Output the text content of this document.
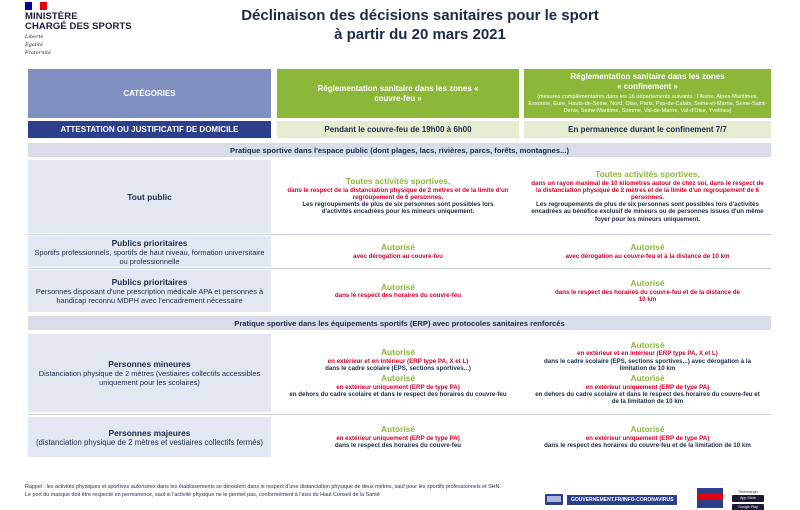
MINISTÈRE
CHARGÉ DES SPORTS
Liberté
Égalité
Fraternité
Déclinaison des décisions sanitaires pour le sport
à partir du 20 mars 2021
CATÉGORIES
Réglementation sanitaire dans les zones « couvre-feu »
Réglementation sanitaire dans les zones
« confinement »
(mesures complémentaires dans les 16 départements suivants : l'Aisne, Alpes-Maritimes, Essonne, Eure, Hauts-de-Seine, Nord, Oise, Paris, Pas-de-Calais, Seine-et-Marne, Seine-Saint-Denis, Seine-Maritime, Somme, Val-de-Marne, Val-d'Oise, Yvelines)
ATTESTATION OU JUSTIFICATIF DE DOMICILE	Pendant le couvre-feu de 19h00 à 6h00	En permanence durant le confinement 7/7
Pratique sportive dans l'espace public (dont plages, lacs, rivières, parcs, forêts, montagnes...)
Tout public
Toutes activités sportives,
dans le respect de la distanciation physique de 2 mètres et de la limite d'un regroupement de 6 personnes.
Les regroupements de plus de six personnes sont possibles lors d'activités encadrées pour les mineurs uniquement.
Toutes activités sportives,
dans un rayon maximal de 10 kilomètres autour de chez soi, dans le respect de la distanciation physique de 2 mètres et de la limite d'un regroupement de 6 personnes.
Les regroupements de plus de six personnes sont possibles lors d'activités encadrées au bénéfice exclusif de mineurs ou de personnes issues d'un même foyer pour les mineurs uniquement.
Publics prioritaires
Sportifs professionnels, sportifs de haut niveau, formation universitaire ou professionnelle
Autorisé
avec dérogation au couvre-feu
Autorisé
avec dérogation au couvre-feu et à la distance de 10 km
Publics prioritaires
Personnes disposant d'une prescription médicale APA et personnes à handicap reconnu MDPH avec l'encadrement nécessaire
Autorisé
dans le respect des horaires du couvre-feu
Autorisé
dans le respect des horaires du couvre-feu et de la distance de 10 km
Pratique sportive dans les équipements sportifs (ERP) avec protocoles sanitaires renforcés
Personnes mineures
Distanciation physique de 2 mètres (vestiaires collectifs accessibles uniquement pour les scolaires)
Autorisé
en extérieur et en intérieur (ERP type PA, X et L)
dans le cadre scolaire (EPS, sections sportives...)
Autorisé
en extérieur uniquement (ERP de type PA)
en dehors du cadre scolaire et dans le respect des horaires du couvre-feu
Autorisé
en extérieur et en intérieur (ERP type PA, X et L)
dans le cadre scolaire (EPS, sections sportives...) avec dérogation à la limitation de 10 km
Autorisé
en extérieur uniquement (ERP de type PA)
en dehors du cadre scolaire et dans le respect des horaires du couvre-feu et de la limitation de 10 km
Personnes majeures
(distanciation physique de 2 mètres et vestiaires collectifs fermés)
Autorisé
en extérieur uniquement (ERP de type PA)
dans le respect des horaires du couvre-feu
Autorisé
en extérieur uniquement (ERP de type PA)
dans le respect des horaires du couvre-feu et de la limitation de 10 km
Rappel : les activités physiques et sportives autorisées dans les établissements se déroulent dans le respect d'une distanciation physique de deux mètres, sauf pour les sportifs professionnels et SHN.
Le port du masque doit être respecté en permanence, sauf si l'activité physique ne le permet pas, conformément à l'avis du Haut Conseil de la Santé
GOUVERNEMENT.FR/INFO-CORONAVIRUS
Télécharger
App Store
Google Play
